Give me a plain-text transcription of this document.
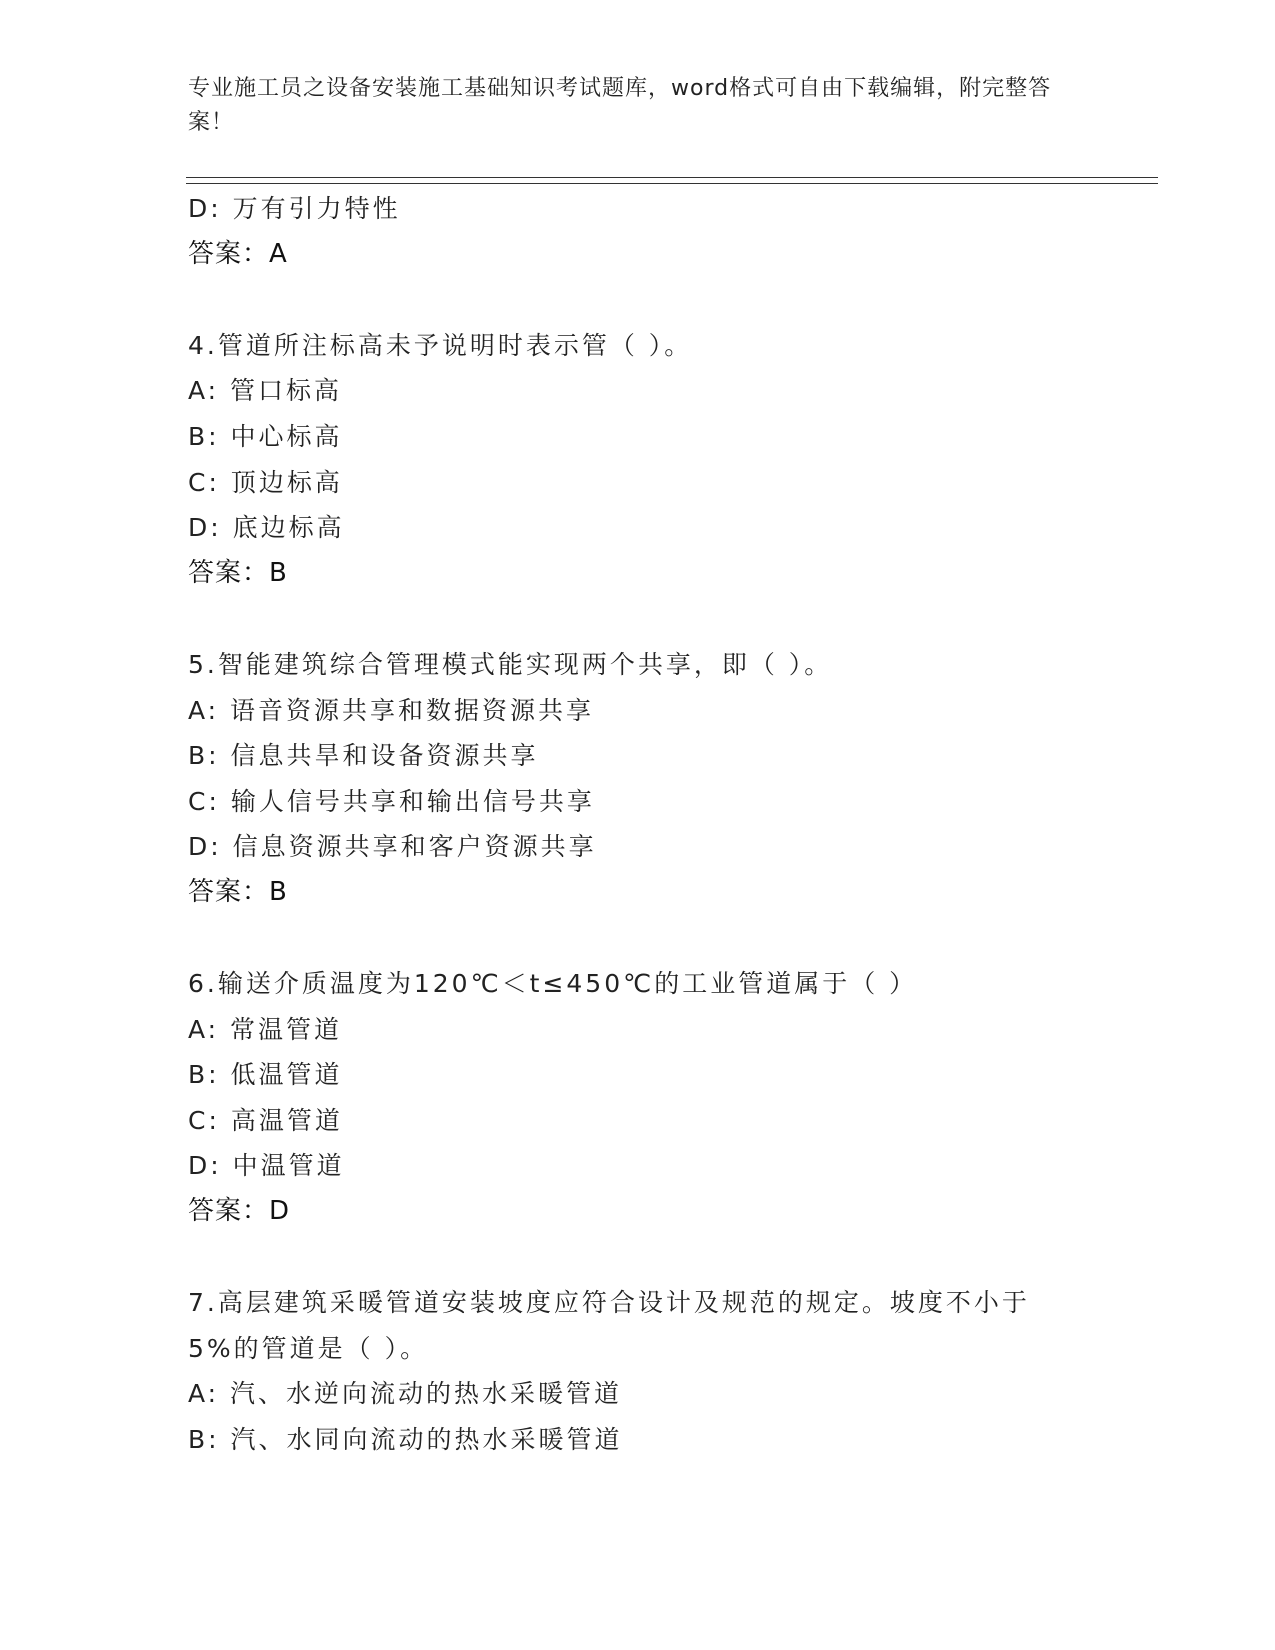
专业施工员之设备安装施工基础知识考试题库，word格式可自由下载编辑，附完整答案！
D: 万有引力特性
答案：A
4.管道所注标高未予说明时表示管（ ）。
A: 管口标高
B: 中心标高
C: 顶边标高
D: 底边标高
答案：B
5.智能建筑综合管理模式能实现两个共享，即（ ）。
A: 语音资源共享和数据资源共享
B: 信息共旱和设备资源共享
C: 输人信号共享和输出信号共享
D: 信息资源共享和客户资源共享
答案：B
6.输送介质温度为120℃＜t≤450℃的工业管道属于（ ）
A: 常温管道
B: 低温管道
C: 高温管道
D: 中温管道
答案：D
7.高层建筑采暖管道安装坡度应符合设计及规范的规定。坡度不小于5%的管道是（ ）。
A: 汽、水逆向流动的热水采暖管道
B: 汽、水同向流动的热水采暖管道
